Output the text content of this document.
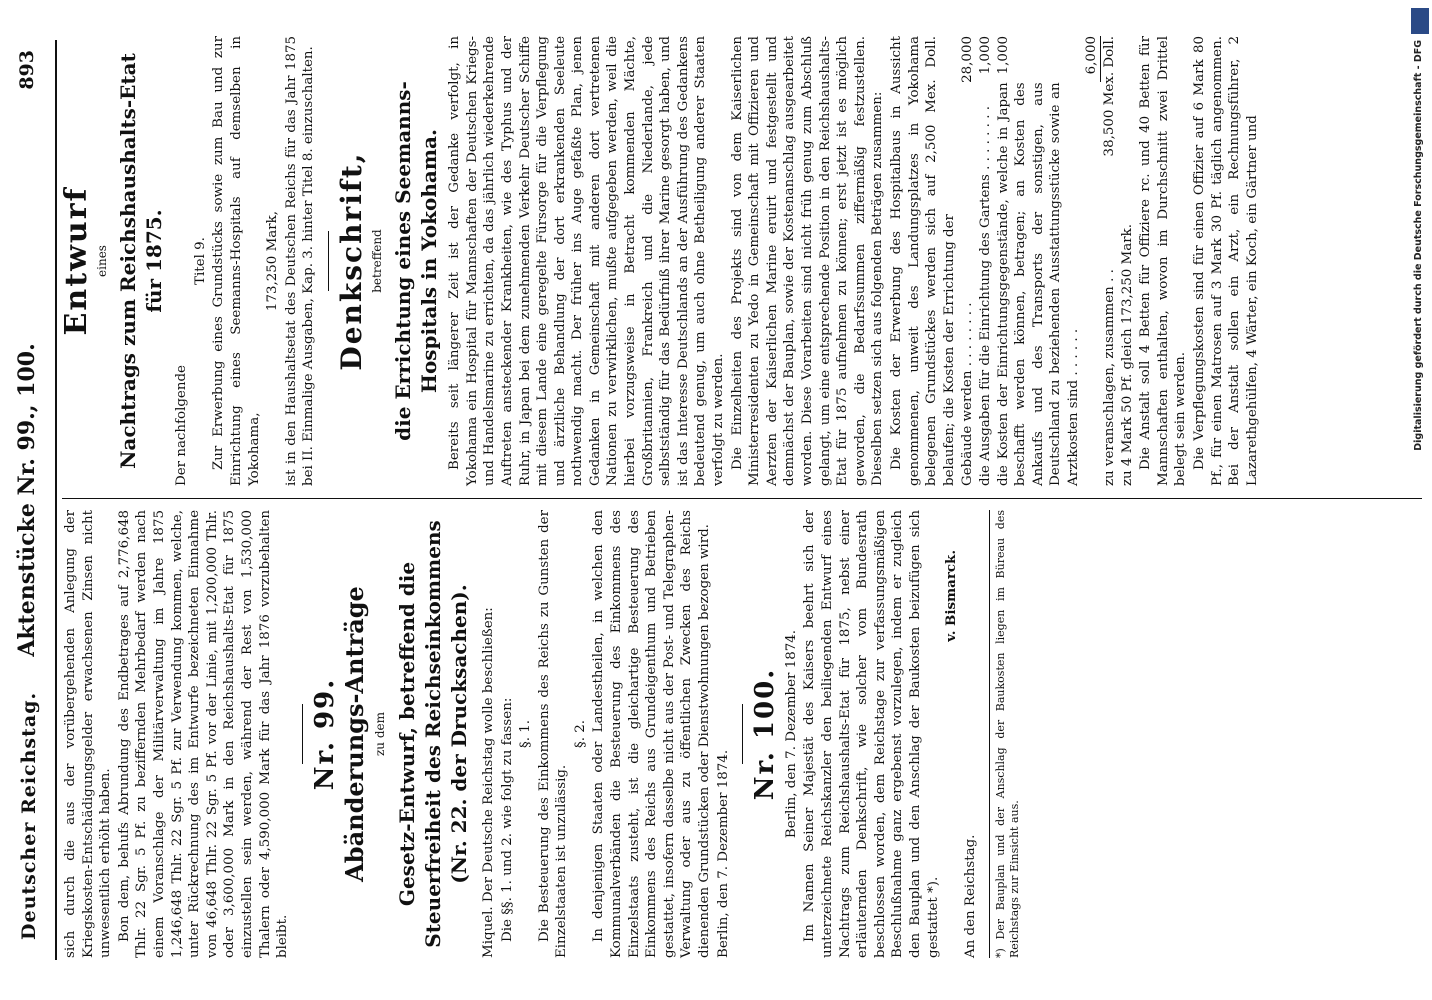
Deutscher Reichstag.
Aktenstücke Nr. 99., 100.
893

sich durch die aus der vorübergehenden Anlegung der Kriegskosten-Entschädigungsgelder erwachsenen Zinsen nicht unwesentlich erhöht haben. Bon dem, behufs Abrundung des Endbetrages auf 2,776,648 Thlr. 22 Sgr. 5 Pf. zu beziffernden Mehrbedarf werden nach einem Voranschlage der Militärverwaltung im Jahre 1875 1,246,648 Thlr. 22 Sgr. 5 Pf. zur Verwendung kommen, welche, unter Rückrechnung des im Entwurfe bezeichneten Einnahme von 46,648 Thlr. 22 Sgr. 5 Pf. vor der Linie, mit 1,200,000 Thlr. oder 3,600,000 Mark in den Reichshaushalts-Etat für 1875 einzustellen sein werden, während der Rest von 1,530,000 Thalern oder 4,590,000 Mark für das Jahr 1876 vorzubehalten bleibt.

Nr. 99. Abänderungs-Anträge zu dem Gesetz-Entwurf, betreffend die Steuerfreiheit des Reichseinkommens (Nr. 22. der Drucksachen). Miquel. Der Deutsche Reichstag wolle beschließen: Die §§. 1. und 2. wie folgt zu fassen: §. 1. Die Besteuerung des Einkommens des Reichs zu Gunsten der Einzelstaaten ist unzulässig.

§. 2. In denjenigen Staaten oder Landestheilen, in welchen den Kommunalverbänden die Besteuerung des Einkommens des Einzelstaats zusteht, ist die gleichartige Besteuerung des Einkommens des Reichs aus Grundeigenthum und Betrieben gestattet, insofern dasselbe nicht aus der Post- und Telegraphen-Verwaltung oder aus zu öffentlichen Zwecken des Reichs dienenden Grundstücken oder Dienstwohnungen bezogen wird. Berlin, den 7. Dezember 1874.

Nr. 100. Berlin, den 7. Dezember 1874. Im Namen Seiner Majestät des Kaisers beehrt sich der unterzeichnete Reichskanzler den beiliegenden Entwurf eines Nachtrags zum Reichshaushalts-Etat für 1875, nebst einer erläuternden Denkschrift, wie solcher vom Bundesrath beschlossen worden, dem Reichstage zur verfassungsmäßigen Beschlußnahme ganz ergebenst vorzulegen, indem er zugleich den Bauplan und den Anschlag der Baukosten beizufügen sich gestattet *).

v. Bismarck.

An den Reichstag.	*) Der Bauplan und der Anschlag der Baukosten liegen im Büreau des Reichstags zur Einsicht aus.
Entwurf eines Nachtrags zum Reichshaushalts-Etat für 1875.

Der nachfolgende

Titel 9. Zur Erwerbung eines Grundstücks sowie zum Bau und zur Einrichtung eines Seemanns-Hospitals auf demselben in Yokohama,

173,250 Mark, ist in den Haushaltsetat des Deutschen Reichs für das Jahr 1875 bei II. Einmalige Ausgaben, Kap. 3. hinter Titel 8. einzuschalten. Denkschrift, betreffend die Errichtung eines Seemanns-Hospitals in Yokohama. Bereits seit längerer Zeit ist der Gedanke verfolgt, in Yokohama ein Hospital für Mannschaften der Deutschen Kriegs- und Handelsmarine zu errichten, da das jährlich wiederkehrende Auftreten ansteckender Krankheiten, wie des Typhus und der Ruhr, in Japan bei dem zunehmenden Verkehr Deutscher Schiffe mit diesem Lande eine geregelte Fürsorge für die Verpflegung und ärztliche Behandlung der dort erkrankenden Seeleute nothwendig macht. Der früher ins Auge gefaßte Plan, jenen Gedanken in Gemeinschaft mit anderen dort vertretenen Nationen zu verwirklichen, mußte aufgegeben werden, weil die hierbei vorzugsweise in Betracht kommenden Mächte, Großbritannien, Frankreich und die Niederlande, jede selbstständig für das Bedürfniß ihrer Marine gesorgt haben, und ist das Interesse Deutschlands an der Ausführung des Gedankens bedeutend genug, um auch ohne Betheiligung anderer Staaten verfolgt zu werden. Die Einzelheiten des Projekts sind von dem Kaiserlichen Ministerresidenten zu Yedo in Gemeinschaft mit Offizieren und Aerzten der Kaiserlichen Marine eruirt und festgestellt und demnächst der Bauplan, sowie der Kostenanschlag ausgearbeitet worden. Diese Vorarbeiten sind nicht früh genug zum Abschluß gelangt, um eine entsprechende Position in den Reichshaushalts-Etat für 1875 aufnehmen zu können; erst jetzt ist es möglich geworden, die Bedarfssummen ziffermäßig festzustellen. Dieselben setzen sich aus folgenden Beträgen zusammen: Die Kosten der Erwerbung des Hospitalbaus in Aussicht genommenen, unweit des Landungsplatzes in Yokohama belegenen Grundstückes werden sich auf 2,500 Mex. Doll. belaufen; die Kosten der Errichtung der Gebäude werden . . . . . . . .
28,000
die Ausgaben für die Einrichtung des Gartens . . . . . . . .
1,000
die Kosten der Einrichtungsgegenstände, welche in Japan beschafft werden können, betragen; an Kosten des Ankaufs und des Transports der sonstigen, aus Deutschland zu beziehenden Ausstattungsstücke sowie an Arztkosten sind . . . . . .
1,000	6,000
zu veranschlagen, zusammen . .
38,500 Mex. Doll.

zu 4 Mark 50 Pf. gleich 173,250 Mark. Die Anstalt soll 4 Betten für Offiziere rc. und 40 Betten für Mannschaften enthalten, wovon im Durchschnitt zwei Drittel belegt sein werden. Die Verpflegungskosten sind für einen Offizier auf 6 Mark 80 Pf., für einen Matrosen auf 3 Mark 30 Pf. täglich angenommen. Bei der Anstalt sollen ein Arzt, ein Rechnungsführer, 2 Lazarethgehülfen, 4 Wärter, ein Koch, ein Gärtner und	Digitalisierung gefördert durch die Deutsche Forschungsgemeinschaft - DFG
